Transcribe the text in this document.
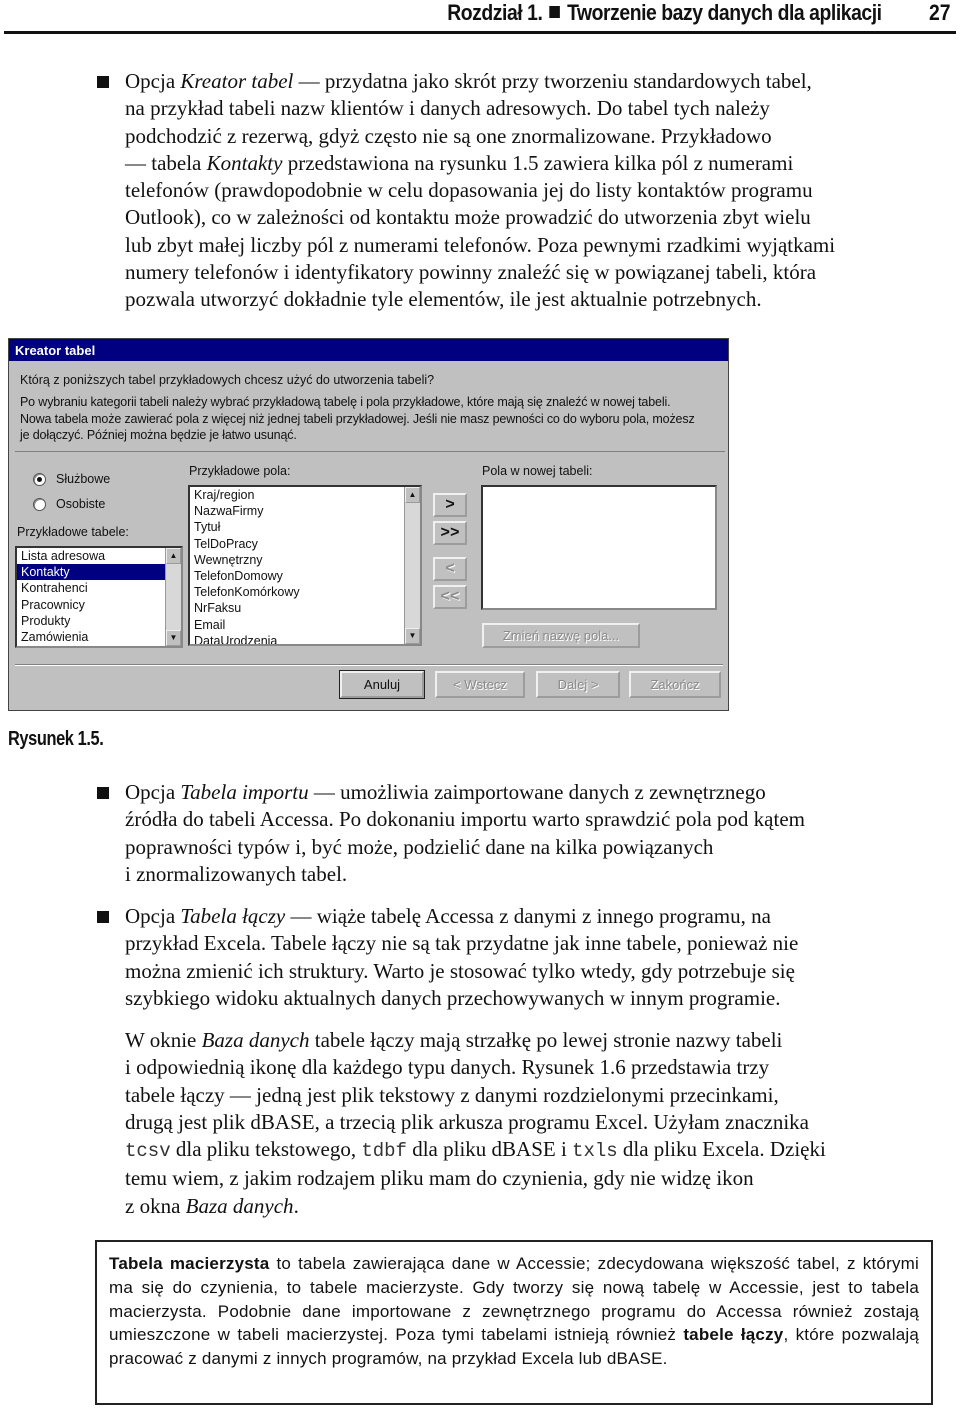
Rozdział 1. Tworzenie bazy danych dla aplikacji 27
Opcja Kreator tabel — przydatna jako skrót przy tworzeniu standardowych tabel,
na przykład tabeli nazw klientów i danych adresowych. Do tabel tych należy
podchodzić z rezerwą, gdyż często nie są one znormalizowane. Przykładowo
— tabela Kontakty przedstawiona na rysunku 1.5 zawiera kilka pól z numerami
telefonów (prawdopodobnie w celu dopasowania jej do listy kontaktów programu
Outlook), co w zależności od kontaktu może prowadzić do utworzenia zbyt wielu
lub zbyt małej liczby pól z numerami telefonów. Poza pewnymi rzadkimi wyjątkami
numery telefonów i identyfikatory powinny znaleźć się w powiązanej tabeli, która
pozwala utworzyć dokładnie tyle elementów, ile jest aktualnie potrzebnych.
Kreator tabel
Którą z poniższych tabel przykładowych chcesz użyć do utworzenia tabeli?
Po wybraniu kategorii tabeli należy wybrać przykładową tabelę i pola przykładowe, które mają się znaleźć w nowej tabeli.
Nowa tabela może zawierać pola z więcej niż jednej tabeli przykładowej. Jeśli nie masz pewności co do wyboru pola, możesz
je dołączyć. Później można będzie je łatwo usunąć.
Służbowe
Osobiste
Przykładowe tabele:
Lista adresowa
Kontakty
Kontrahenci
Pracownicy
Produkty
Zamówienia
▲
▼
Przykładowe pola:
Kraj/region
NazwaFirmy
Tytuł
TelDoPracy
Wewnętrzny
TelefonDomowy
TelefonKomórkowy
NrFaksu
Email
DataUrodzenia
▲
▼
>
>>
<
<<
Pola w nowej tabeli:
Zmień nazwę pola...
Anuluj	< Wstecz	Dalej >	Zakończ
Rysunek 1.5.
Opcja Tabela importu — umożliwia zaimportowane danych z zewnętrznego
źródła do tabeli Accessa. Po dokonaniu importu warto sprawdzić pola pod kątem
poprawności typów i, być może, podzielić dane na kilka powiązanych
i znormalizowanych tabel.
Opcja Tabela łączy — wiąże tabelę Accessa z danymi z innego programu, na
przykład Excela. Tabele łączy nie są tak przydatne jak inne tabele, ponieważ nie
można zmienić ich struktury. Warto je stosować tylko wtedy, gdy potrzebuje się
szybkiego widoku aktualnych danych przechowywanych w innym programie.
W oknie Baza danych tabele łączy mają strzałkę po lewej stronie nazwy tabeli
i odpowiednią ikonę dla każdego typu danych. Rysunek 1.6 przedstawia trzy
tabele łączy — jedną jest plik tekstowy z danymi rozdzielonymi przecinkami,
drugą jest plik dBASE, a trzecią plik arkusza programu Excel. Użyłam znacznika
tcsv dla pliku tekstowego, tdbf dla pliku dBASE i txls dla pliku Excela. Dzięki
temu wiem, z jakim rodzajem pliku mam do czynienia, gdy nie widzę ikon
z okna Baza danych.
Tabela macierzysta to tabela zawierająca dane w Accessie; zdecydowana większość tabel, z którymi ma się do czynienia, to tabele macierzyste. Gdy tworzy się nową tabelę w Accessie, jest to tabela macierzysta. Podobnie dane importowane z zewnętrznego programu do Accessa również zostają umieszczone w tabeli macierzystej. Poza tymi tabelami istnieją również tabele łączy, które pozwalają pracować z danymi z innych programów, na przykład Excela lub dBASE.
